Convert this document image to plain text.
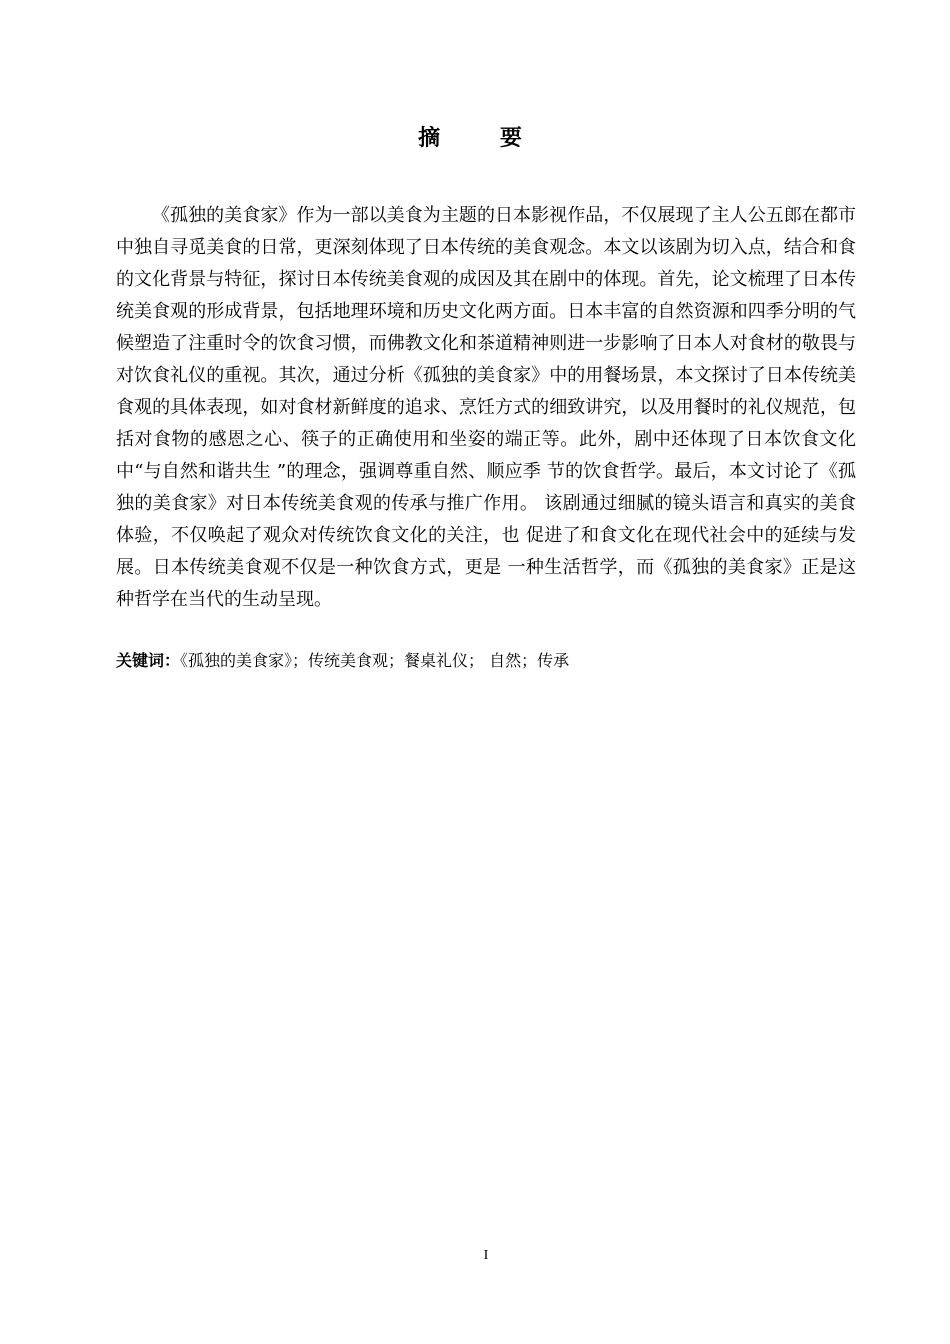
摘 要

《孤独的美食家》作为一部以美食为主题的日本影视作品，不仅展现了主人公五郎在都市中独自寻觅美食的日常，更深刻体现了日本传统的美食观念。本文以该剧为切入点，结合和食的文化背景与特征，探讨日本传统美食观的成因及其在剧中的体现。首先，论文梳理了日本传统美食观的形成背景，包括地理环境和历史文化两方面。日本丰富的自然资源和四季分明的气候塑造了注重时令的饮食习惯，而佛教文化和茶道精神则进一步影响了日本人对食材的敬畏与对饮食礼仪的重视。其次，通过分析《孤独的美食家》中的用餐场景，本文探讨了日本传统美食观的具体表现，如对食材新鲜度的追求、烹饪方式的细致讲究，以及用餐时的礼仪规范，包括对食物的感恩之心、筷子的正确使用和坐姿的端正等。此外，剧中还体现了日本饮食文化中“与自然和谐共生 ”的理念，强调尊重自然、顺应季 节的饮食哲学。最后，本文讨论了《孤独的美食家》对日本传统美食观的传承与推广作用。 该剧通过细腻的镜头语言和真实的美食体验，不仅唤起了观众对传统饮食文化的关注，也 促进了和食文化在现代社会中的延续与发展。日本传统美食观不仅是一种饮食方式，更是 一种生活哲学，而《孤独的美食家》正是这种哲学在当代的生动呈现。

关键词：《孤独的美食家》；传统美食观；餐桌礼仪； 自然；传承

I
